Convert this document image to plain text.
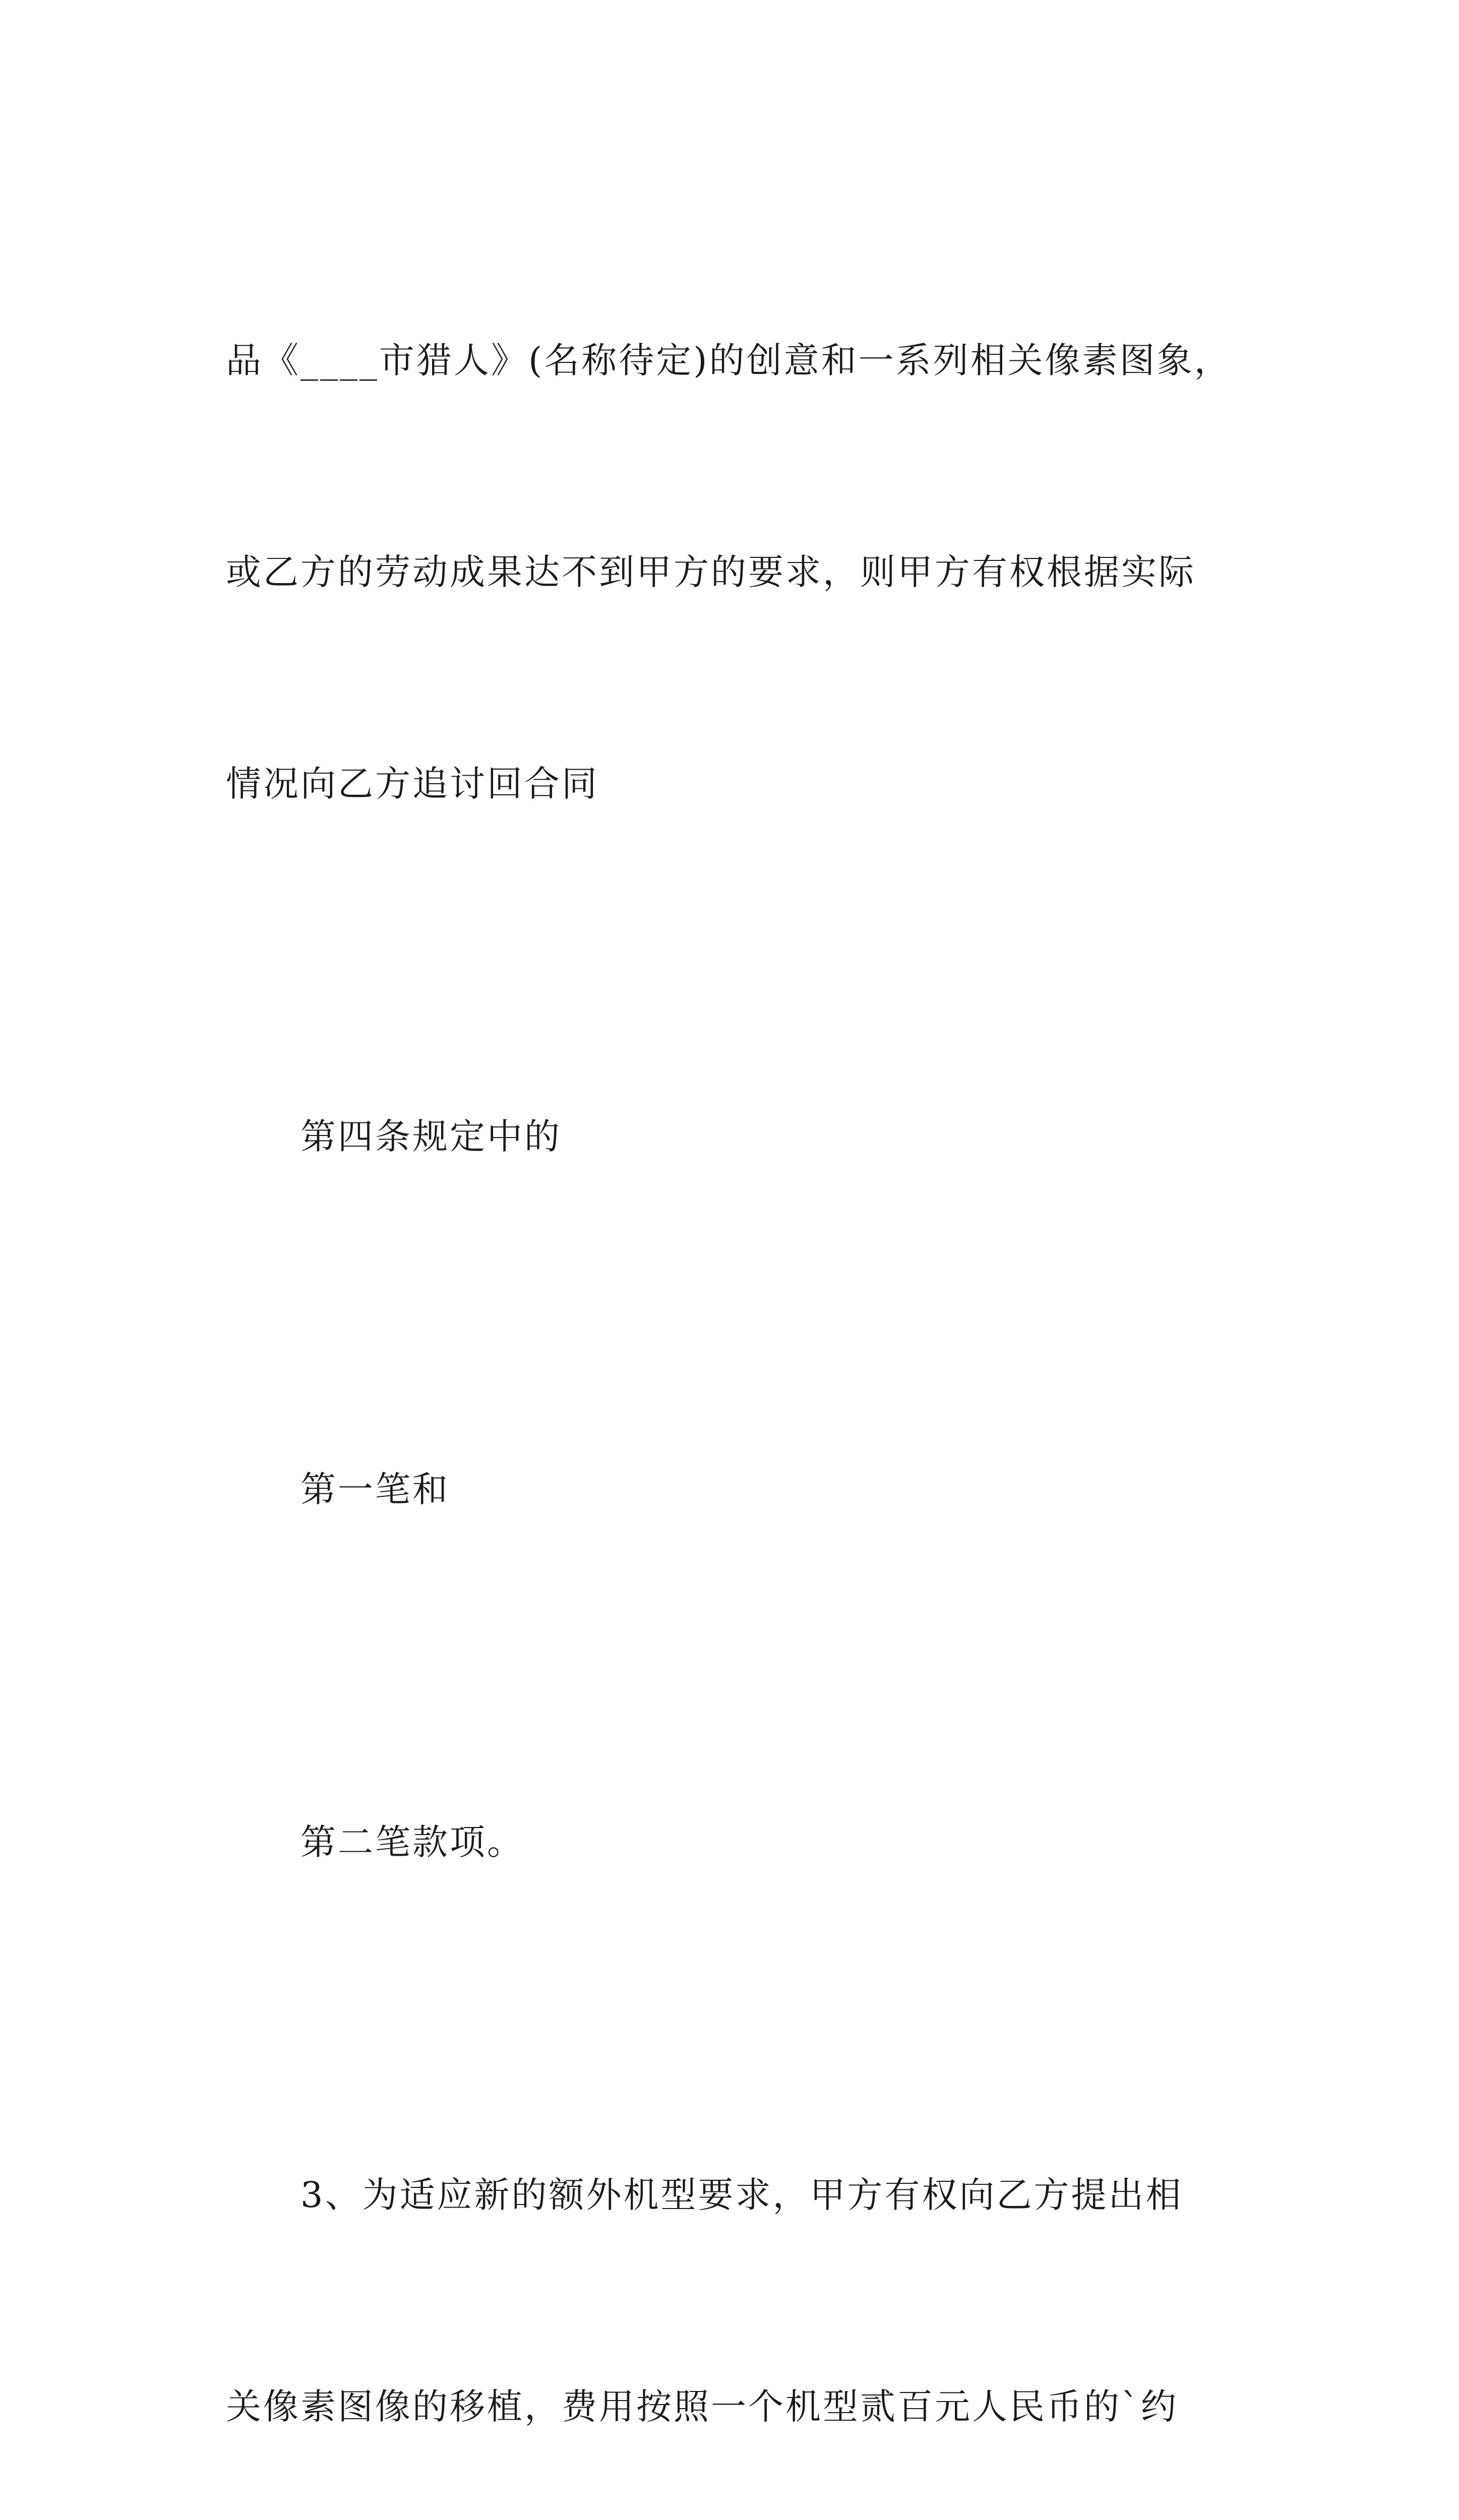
品《____市猎人》(名称待定)的创意和一系列相关像素图象，

或乙方的劳动成果达不到甲方的要求，则甲方有权根据实际

情况向乙方追讨回合同

第四条规定中的

第一笔和

第二笔款项。

3、为适应新的额外机型要求，甲方有权向乙方提出相

关像素图像的移植，费用按照一个机型贰百元人民币的`约
